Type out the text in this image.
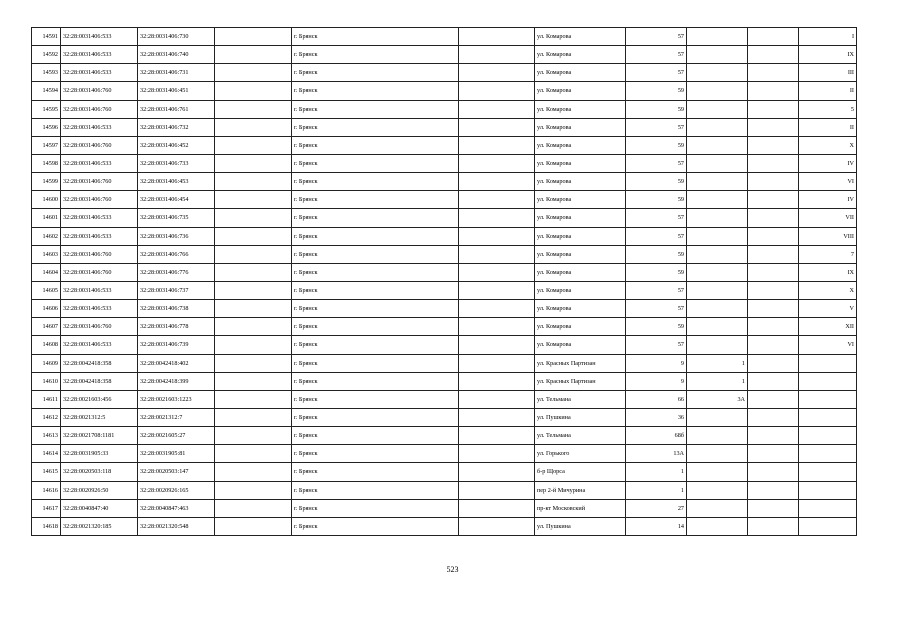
14591	32:28:0031406:533	32:28:0031406:730		г. Брянск		ул. Комарова	57			I
14592	32:28:0031406:533	32:28:0031406:740		г. Брянск		ул. Комарова	57			IX
14593	32:28:0031406:533	32:28:0031406:731		г. Брянск		ул. Комарова	57			III
14594	32:28:0031406:760	32:28:0031406:451		г. Брянск		ул. Комарова	59			II
14595	32:28:0031406:760	32:28:0031406:761		г. Брянск		ул. Комарова	59			5
14596	32:28:0031406:533	32:28:0031406:732		г. Брянск		ул. Комарова	57			II
14597	32:28:0031406:760	32:28:0031406:452		г. Брянск		ул. Комарова	59			X
14598	32:28:0031406:533	32:28:0031406:733		г. Брянск		ул. Комарова	57			IV
14599	32:28:0031406:760	32:28:0031406:453		г. Брянск		ул. Комарова	59			VI
14600	32:28:0031406:760	32:28:0031406:454		г. Брянск		ул. Комарова	59			IV
14601	32:28:0031406:533	32:28:0031406:735		г. Брянск		ул. Комарова	57			VII
14602	32:28:0031406:533	32:28:0031406:736		г. Брянск		ул. Комарова	57			VIII
14603	32:28:0031406:760	32:28:0031406:766		г. Брянск		ул. Комарова	59			7
14604	32:28:0031406:760	32:28:0031406:776		г. Брянск		ул. Комарова	59			IX
14605	32:28:0031406:533	32:28:0031406:737		г. Брянск		ул. Комарова	57			X
14606	32:28:0031406:533	32:28:0031406:738		г. Брянск		ул. Комарова	57			V
14607	32:28:0031406:760	32:28:0031406:778		г. Брянск		ул. Комарова	59			XII
14608	32:28:0031406:533	32:28:0031406:739		г. Брянск		ул. Комарова	57			VI
14609	32:28:0042418:358	32:28:0042418:402		г. Брянск		ул. Красных Партизан	9	1		
14610	32:28:0042418:358	32:28:0042418:399		г. Брянск		ул. Красных Партизан	9	1		
14611	32:28:0021603:456	32:28:0021603:1223		г. Брянск		ул. Тельмана	66	3А		
14612	32:28:0021312:5	32:28:0021312:7		г. Брянск		ул. Пушкина	36			
14613	32:28:0021708:1181	32:28:0021605:27		г. Брянск		ул. Тельмана	68б			
14614	32:28:0031905:33	32:28:0031905:81		г. Брянск		ул. Горького	13А			
14615	32:28:0020503:118	32:28:0020503:147		г. Брянск		б-р Щорса	1			
14616	32:28:0020926:50	32:28:0020926:165		г. Брянск		пер 2-й Мичурина	1			
14617	32:28:0040847:40	32:28:0040847:463		г. Брянск		пр-кт Московский	27			
14618	32:28:0021320:185	32:28:0021320:548		г. Брянск		ул. Пушкина	14			
523
